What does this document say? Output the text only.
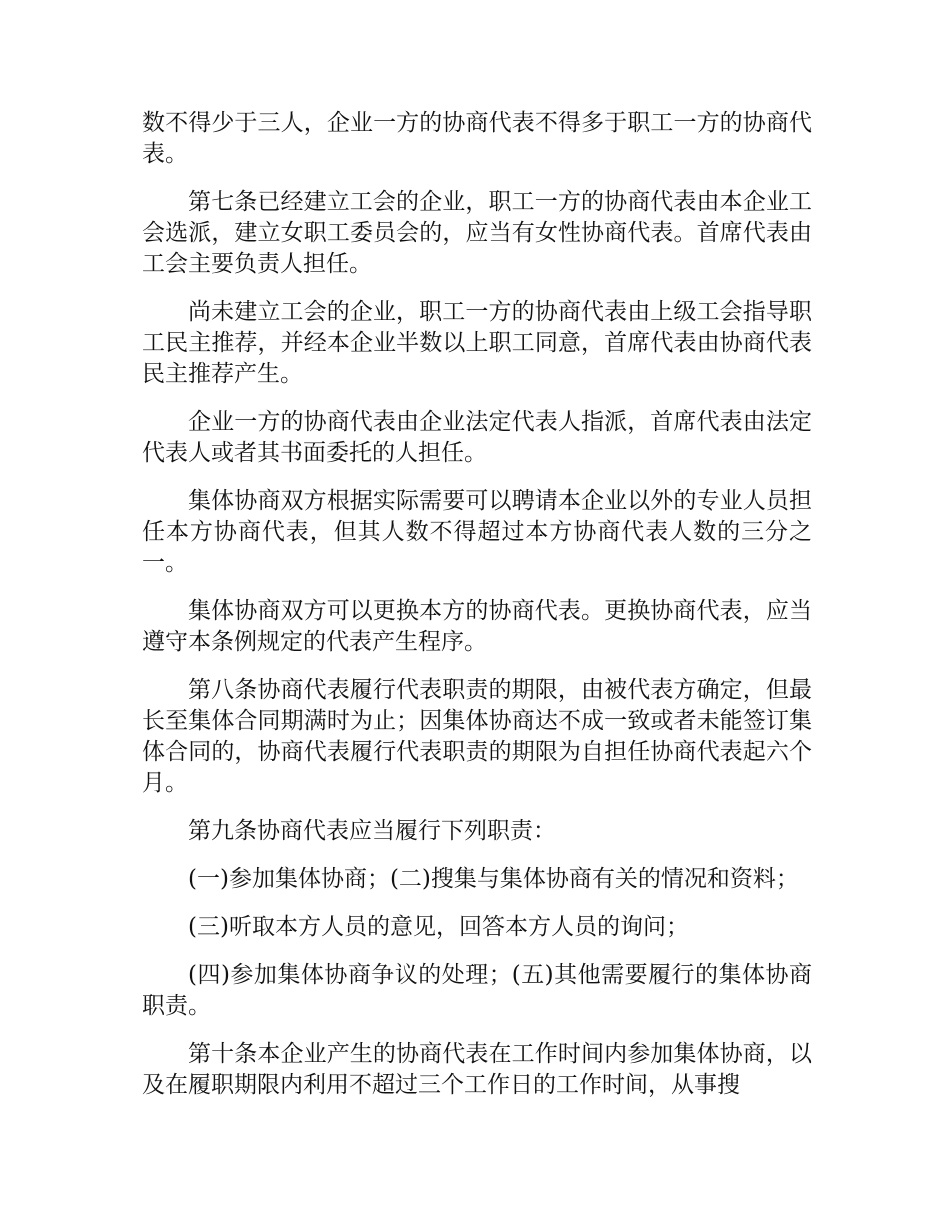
数不得少于三人，企业一方的协商代表不得多于职工一方的协商代表。

第七条已经建立工会的企业，职工一方的协商代表由本企业工会选派，建立女职工委员会的，应当有女性协商代表。首席代表由工会主要负责人担任。

尚未建立工会的企业，职工一方的协商代表由上级工会指导职工民主推荐，并经本企业半数以上职工同意，首席代表由协商代表民主推荐产生。

企业一方的协商代表由企业法定代表人指派，首席代表由法定代表人或者其书面委托的人担任。

集体协商双方根据实际需要可以聘请本企业以外的专业人员担任本方协商代表，但其人数不得超过本方协商代表人数的三分之一。

集体协商双方可以更换本方的协商代表。更换协商代表，应当遵守本条例规定的代表产生程序。

第八条协商代表履行代表职责的期限，由被代表方确定，但最长至集体合同期满时为止；因集体协商达不成一致或者未能签订集体合同的，协商代表履行代表职责的期限为自担任协商代表起六个月。

第九条协商代表应当履行下列职责：

(一)参加集体协商；(二)搜集与集体协商有关的情况和资料；

(三)听取本方人员的意见，回答本方人员的询问；

(四)参加集体协商争议的处理；(五)其他需要履行的集体协商职责。

第十条本企业产生的协商代表在工作时间内参加集体协商，以及在履职期限内利用不超过三个工作日的工作时间，从事搜
